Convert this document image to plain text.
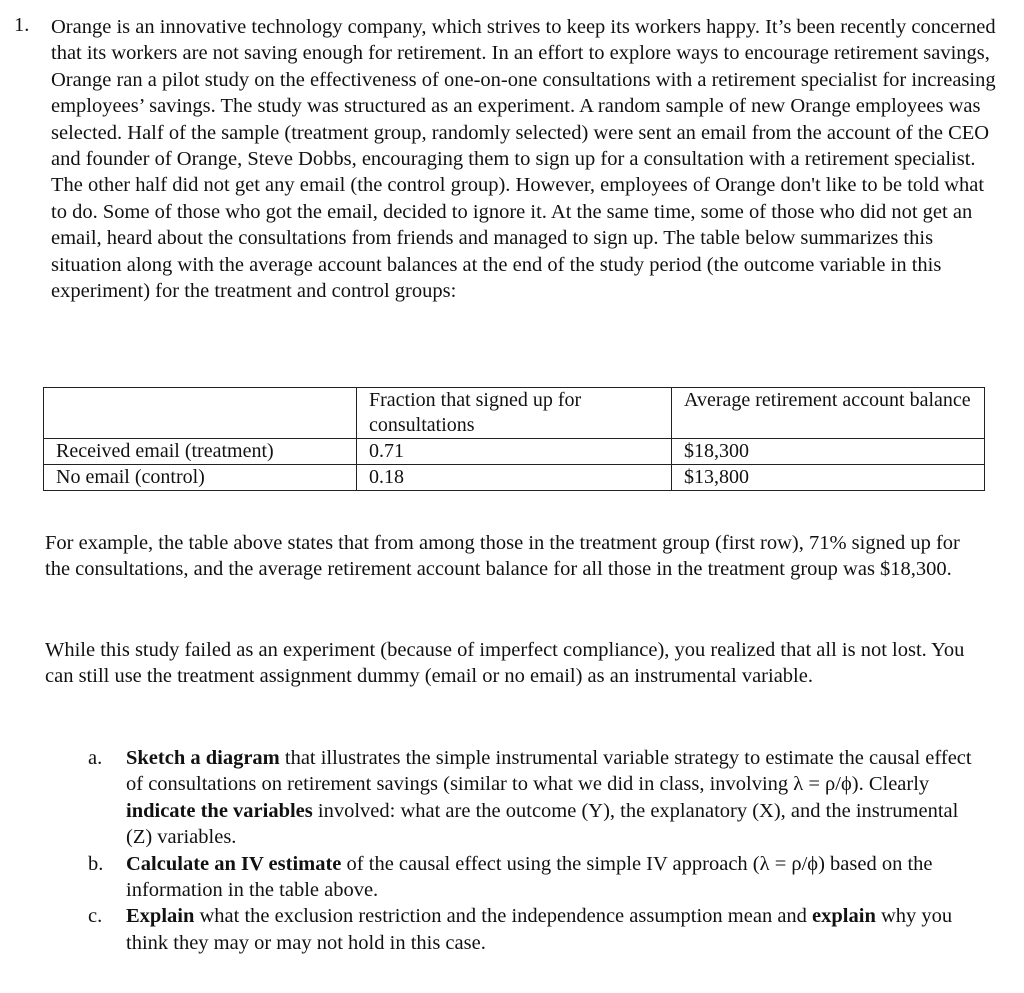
1. Orange is an innovative technology company, which strives to keep its workers happy. It’s been recently concerned that its workers are not saving enough for retirement. In an effort to explore ways to encourage retirement savings, Orange ran a pilot study on the effectiveness of one-on-one consultations with a retirement specialist for increasing employees’ savings. The study was structured as an experiment. A random sample of new Orange employees was selected. Half of the sample (treatment group, randomly selected) were sent an email from the account of the CEO and founder of Orange, Steve Dobbs, encouraging them to sign up for a consultation with a retirement specialist. The other half did not get any email (the control group). However, employees of Orange don't like to be told what to do. Some of those who got the email, decided to ignore it. At the same time, some of those who did not get an email, heard about the consultations from friends and managed to sign up. The table below summarizes this situation along with the average account balances at the end of the study period (the outcome variable in this experiment) for the treatment and control groups:
	Fraction that signed up for consultations	Average retirement account balance
Received email (treatment)	0.71	$18,300
No email (control)	0.18	$13,800
For example, the table above states that from among those in the treatment group (first row), 71% signed up for the consultations, and the average retirement account balance for all those in the treatment group was $18,300.
While this study failed as an experiment (because of imperfect compliance), you realized that all is not lost. You can still use the treatment assignment dummy (email or no email) as an instrumental variable.
a. Sketch a diagram that illustrates the simple instrumental variable strategy to estimate the causal effect of consultations on retirement savings (similar to what we did in class, involving λ = ρ/ϕ). Clearly indicate the variables involved: what are the outcome (Y), the explanatory (X), and the instrumental (Z) variables.
b. Calculate an IV estimate of the causal effect using the simple IV approach (λ = ρ/ϕ) based on the information in the table above.
c. Explain what the exclusion restriction and the independence assumption mean and explain why you think they may or may not hold in this case.
